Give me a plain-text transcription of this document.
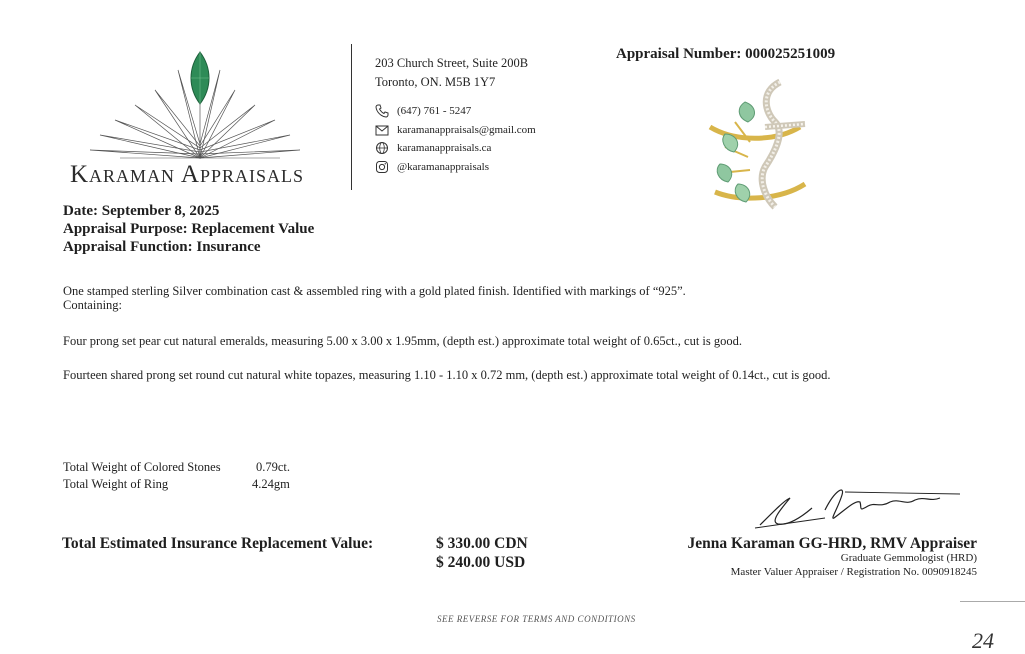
Karaman Appraisals
203 Church Street, Suite 200B
Toronto, ON. M5B 1Y7
(647) 761 - 5247
karamanappraisals@gmail.com
karamanappraisals.ca
@karamanappraisals
Appraisal Number: 000025251009
Date: September 8, 2025
Appraisal Purpose: Replacement Value
Appraisal Function: Insurance
One stamped sterling Silver combination cast & assembled ring with a gold plated finish. Identified with markings of “925”.
Containing:
Four prong set pear cut natural emeralds, measuring 5.00 x 3.00 x 1.95mm, (depth est.) approximate total weight of 0.65ct., cut is good.
Fourteen shared prong set round cut natural white topazes, measuring 1.10 - 1.10 x 0.72 mm, (depth est.) approximate total weight of 0.14ct., cut is good.
Total Weight of Colored Stones	0.79ct.
Total Weight of Ring	4.24gm
Total Estimated Insurance Replacement Value:	$ 330.00 CDN
$ 240.00 USD
Jenna Karaman GG-HRD, RMV Appraiser
Graduate Gemmologist (HRD)
Master Valuer Appraiser / Registration No. 0090918245
SEE REVERSE FOR TERMS AND CONDITIONS
24
